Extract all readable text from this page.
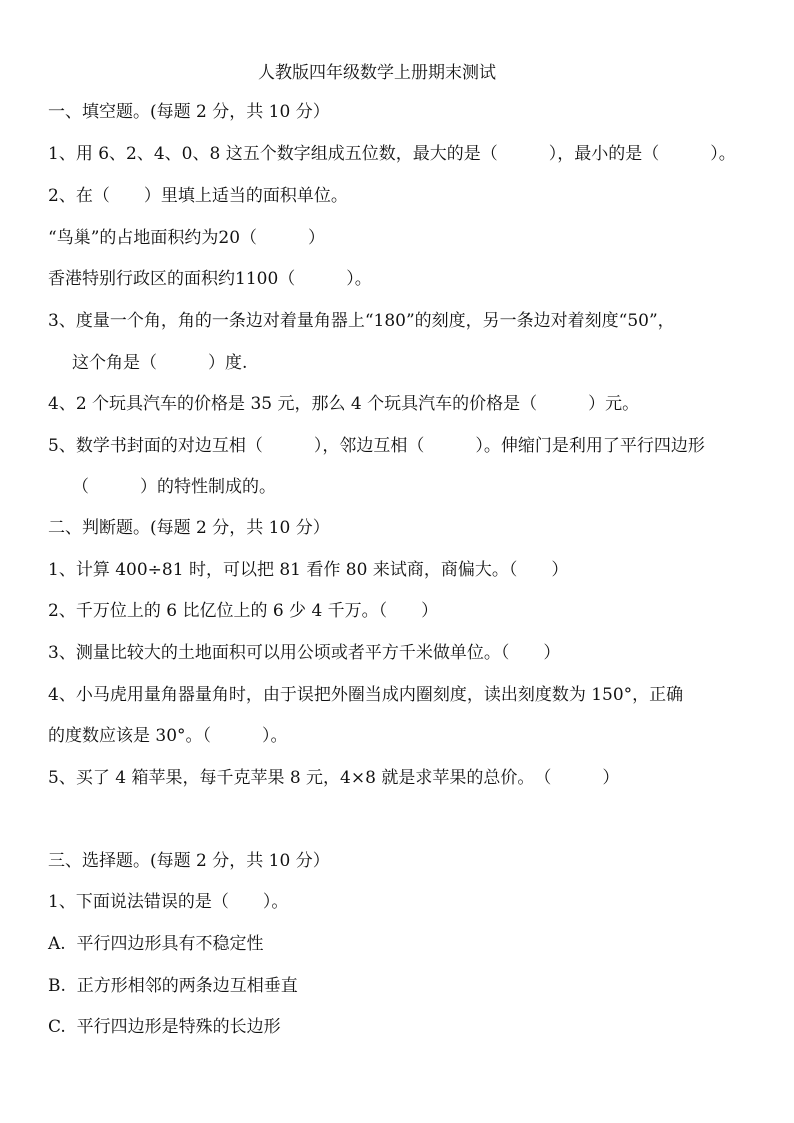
人教版四年级数学上册期末测试
一、填空题。(每题 2 分，共 10 分）
1、用 6、2、4、0、8 这五个数字组成五位数，最大的是（　　　），最小的是（　　　）。
2、在（　　）里填上适当的面积单位。
“鸟巢”的占地面积约为20（　　　）
香港特别行政区的面积约1100（　　　）。
3、度量一个角，角的一条边对着量角器上“180”的刻度，另一条边对着刻度“50”，
这个角是（　　　）度.
4、2 个玩具汽车的价格是 35 元，那么 4 个玩具汽车的价格是（　　　）元。
5、数学书封面的对边互相（　　　），邻边互相（　　　）。伸缩门是利用了平行四边形
（　　　）的特性制成的。
二、判断题。(每题 2 分，共 10 分）
1、计算 400÷81 时，可以把 81 看作 80 来试商，商偏大。（　　）
2、千万位上的 6 比亿位上的 6 少 4 千万。（　　）
3、测量比较大的土地面积可以用公顷或者平方千米做单位。（　　）
4、小马虎用量角器量角时，由于误把外圈当成内圈刻度，读出刻度数为 150°，正确
的度数应该是 30°。（　　　）。
5、买了 4 箱苹果，每千克苹果 8 元，4×8 就是求苹果的总价。　（　　　）
三、选择题。(每题 2 分，共 10 分）
1、下面说法错误的是（　　）。
A.  平行四边形具有不稳定性
B.  正方形相邻的两条边互相垂直
C.  平行四边形是特殊的长边形
